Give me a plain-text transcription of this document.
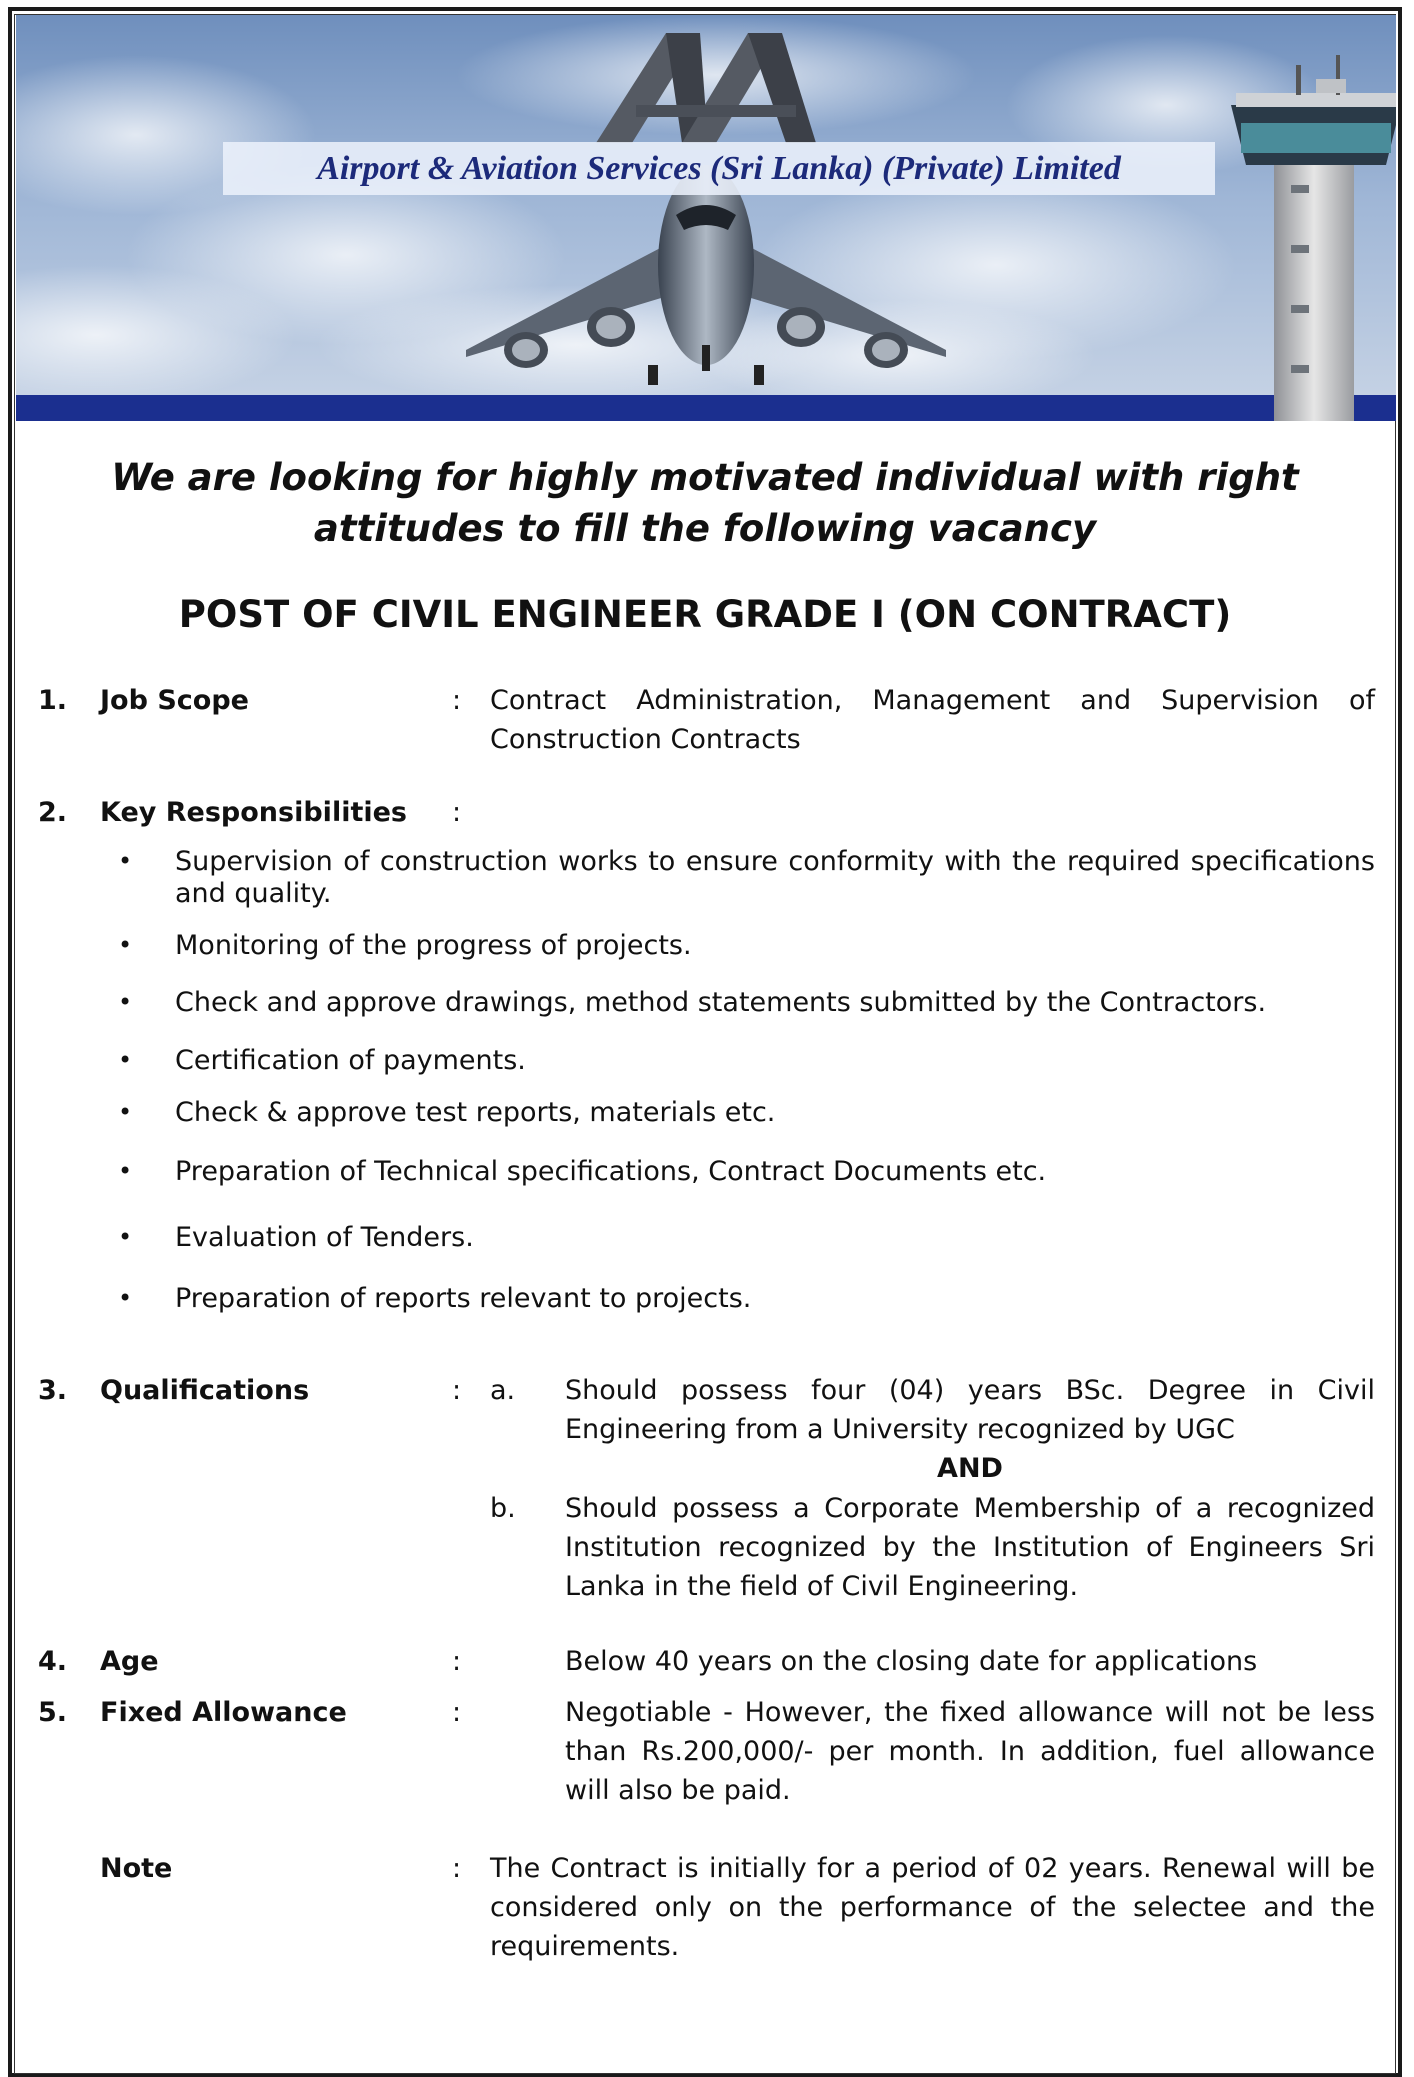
Airport & Aviation Services (Sri Lanka) (Private) Limited
We are looking for highly motivated individual with right
attitudes to fill the following vacancy
POST OF CIVIL ENGINEER GRADE I (ON CONTRACT)
1. Job Scope	: Contract Administration, Management and Supervision of Construction Contracts
2. Key Responsibilities :
• Supervision of construction works to ensure conformity with the required specifications and quality.
• Monitoring of the progress of projects.
• Check and approve drawings, method statements submitted by the Contractors.
• Certification of payments.
• Check & approve test reports, materials etc.
• Preparation of Technical specifications, Contract Documents etc.
• Evaluation of Tenders.
• Preparation of reports relevant to projects.
3. Qualifications	: a. Should possess four (04) years BSc. Degree in Civil Engineering from a University recognized by UGC
AND
b. Should possess a Corporate Membership of a recognized Institution recognized by the Institution of Engineers Sri Lanka in the field of Civil Engineering.
4. Age	:	Below 40 years on the closing date for applications
5. Fixed Allowance	:	Negotiable - However, the fixed allowance will not be less than Rs.200,000/- per month. In addition, fuel allowance will also be paid.
Note	: The Contract is initially for a period of 02 years. Renewal will be considered only on the performance of the selectee and the requirements.
